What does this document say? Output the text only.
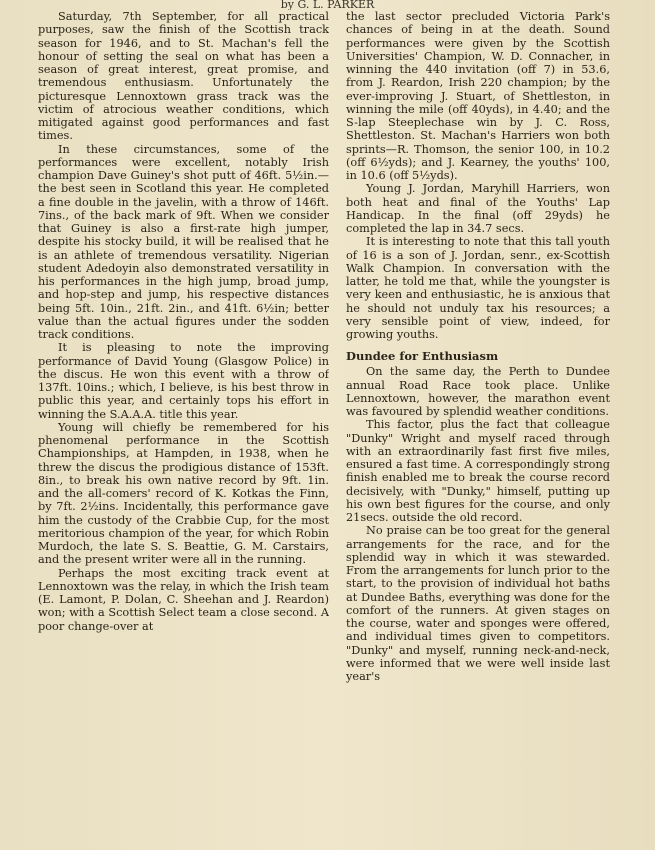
by G. L. PARKER

Saturday, 7th September, for all practical purposes, saw the finish of the Scottish track season for 1946, and to St. Machan's fell the honour of setting the seal on what has been a season of great interest, great promise, and tremendous enthusiasm. Unfortunately the picturesque Lennoxtown grass track was the victim of atrocious weather conditions, which mitigated against good performances and fast times.

In these circumstances, some of the performances were excellent, notably Irish champion Dave Guiney's shot putt of 46ft. 5½in.—the best seen in Scotland this year. He completed a fine double in the javelin, with a throw of 146ft. 7ins., of the back mark of 9ft. When we consider that Guiney is also a first-rate high jumper, despite his stocky build, it will be realised that he is an athlete of tremendous versatility. Nigerian student Adedoyin also demonstrated versatility in his performances in the high jump, broad jump, and hop-step and jump, his respective distances being 5ft. 10in., 21ft. 2in., and 41ft. 6½in; better value than the actual figures under the sodden track conditions.

It is pleasing to note the improving performance of David Young (Glasgow Police) in the discus. He won this event with a throw of 137ft. 10ins.; which, I believe, is his best throw in public this year, and certainly tops his effort in winning the S.A.A.A. title this year.

Young will chiefly be remembered for his phenomenal performance in the Scottish Championships, at Hampden, in 1938, when he threw the discus the prodigious distance of 153ft. 8in., to break his own native record by 9ft. 1in. and the all-comers' record of K. Kotkas the Finn, by 7ft. 2½ins. Incidentally, this performance gave him the custody of the Crabbie Cup, for the most meritorious champion of the year, for which Robin Murdoch, the late S. S. Beattie, G. M. Carstairs, and the present writer were all in the running.

Perhaps the most exciting track event at Lennoxtown was the relay, in which the Irish team (E. Lamont, P. Dolan, C. Sheehan and J. Reardon) won; with a Scottish Select team a close second. A poor change-over at

the last sector precluded Victoria Park's chances of being in at the death. Sound performances were given by the Scottish Universities' Champion, W. D. Connacher, in winning the 440 invitation (off 7) in 53.6, from J. Reardon, Irish 220 champion; by the ever-improving J. Stuart, of Shettleston, in winning the mile (off 40yds), in 4.40; and the S-lap Steeplechase win by J. C. Ross, Shettleston. St. Machan's Harriers won both sprints—R. Thomson, the senior 100, in 10.2 (off 6½yds); and J. Kearney, the youths' 100, in 10.6 (off 5½yds).

Young J. Jordan, Maryhill Harriers, won both heat and final of the Youths' Lap Handicap. In the final (off 29yds) he completed the lap in 34.7 secs.

It is interesting to note that this tall youth of 16 is a son of J. Jordan, senr., ex-Scottish Walk Champion. In conversation with the latter, he told me that, while the youngster is very keen and enthusiastic, he is anxious that he should not unduly tax his resources; a very sensible point of view, indeed, for growing youths.

Dundee for Enthusiasm

On the same day, the Perth to Dundee annual Road Race took place. Unlike Lennoxtown, however, the marathon event was favoured by splendid weather conditions.

This factor, plus the fact that colleague "Dunky" Wright and myself raced through with an extraordinarily fast first five miles, ensured a fast time. A correspondingly strong finish enabled me to break the course record decisively, with "Dunky," himself, putting up his own best figures for the course, and only 21secs. outside the old record.

No praise can be too great for the general arrangements for the race, and for the splendid way in which it was stewarded. From the arrangements for lunch prior to the start, to the provision of individual hot baths at Dundee Baths, everything was done for the comfort of the runners. At given stages on the course, water and sponges were offered, and individual times given to competitors. "Dunky" and myself, running neck-and-neck, were informed that we were well inside last year's
